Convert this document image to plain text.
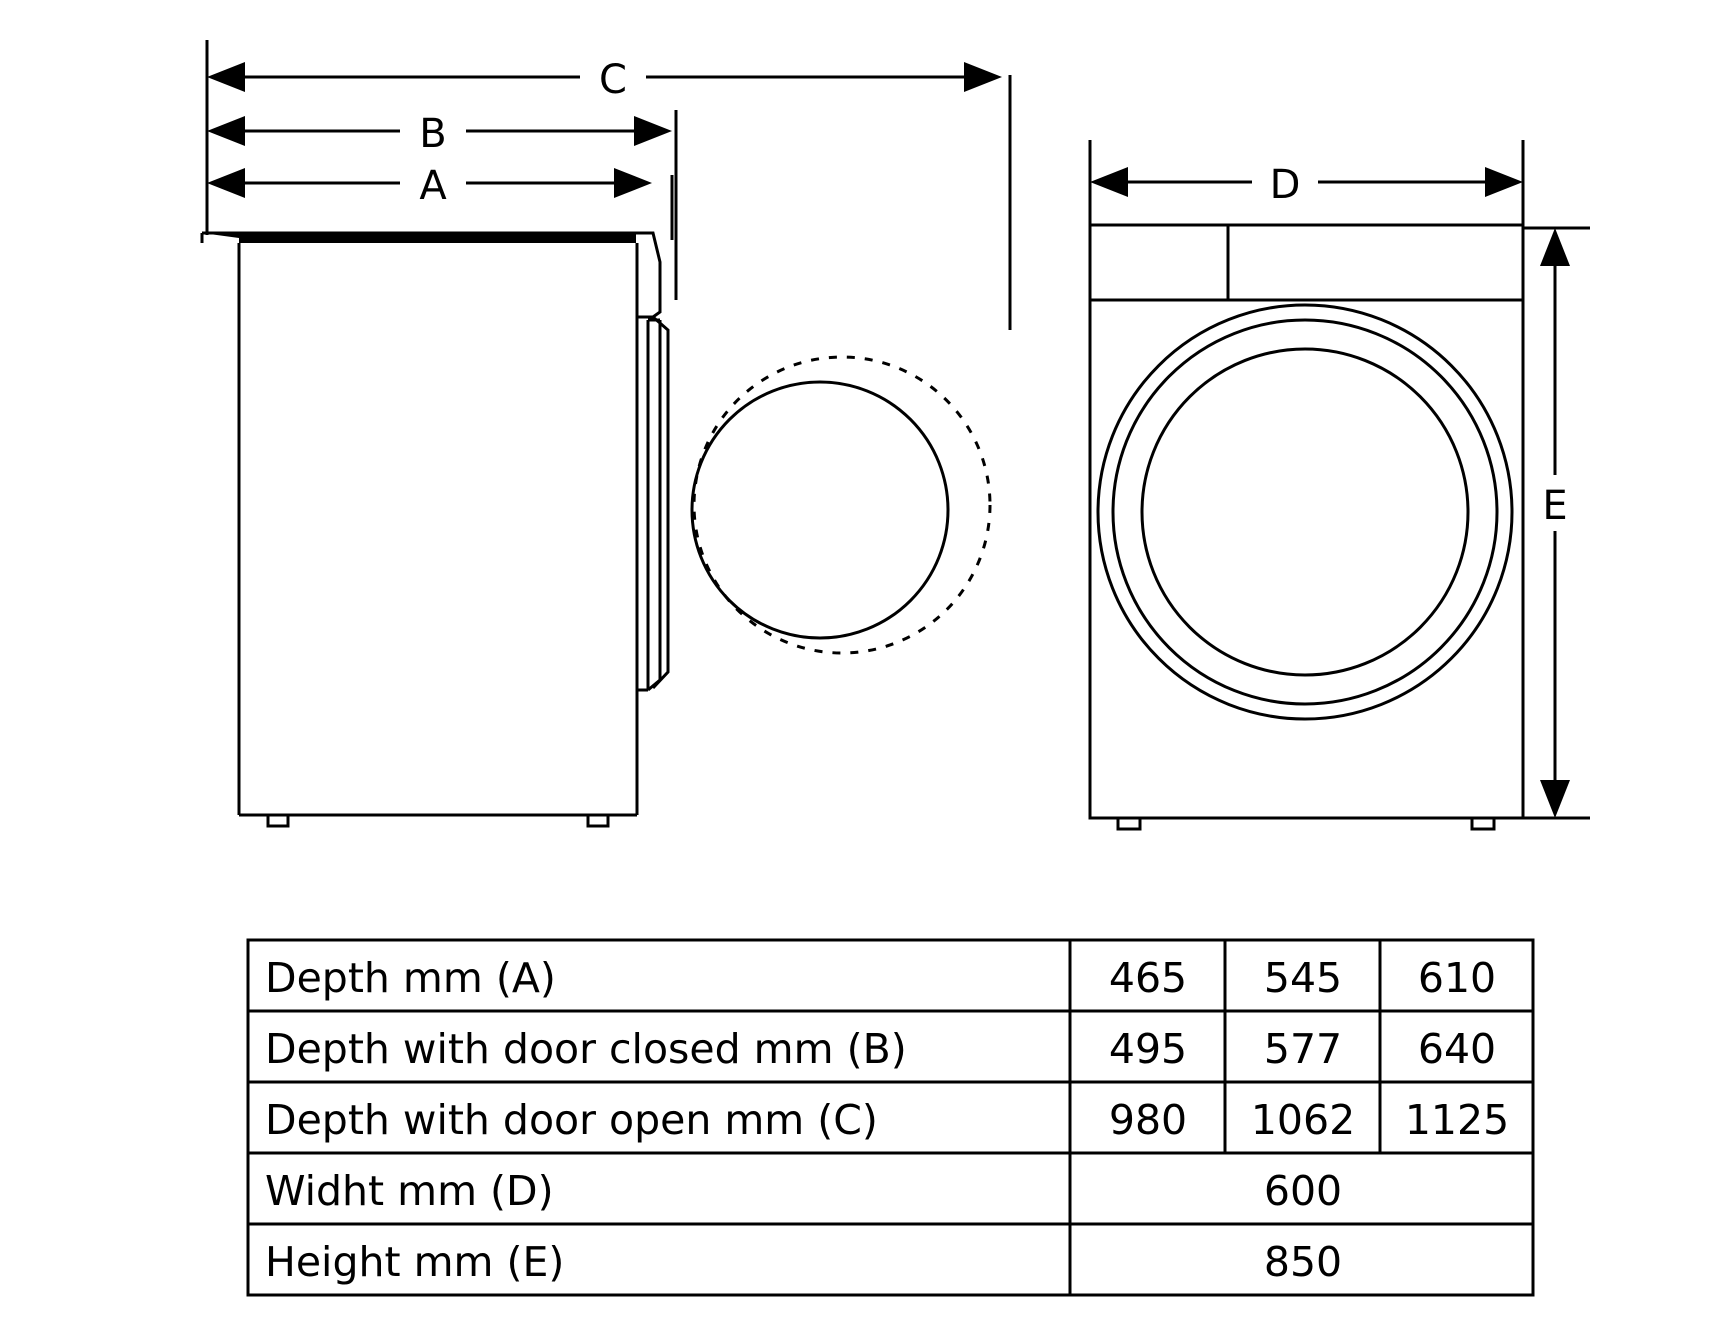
C
B
A	D
E
Depth mm (A)	465 545 610
Depth with door closed mm (B)	495 577 640
Depth with door open mm (C)	980 1062 1125
Widht mm (D)	600
Height mm (E)	850
